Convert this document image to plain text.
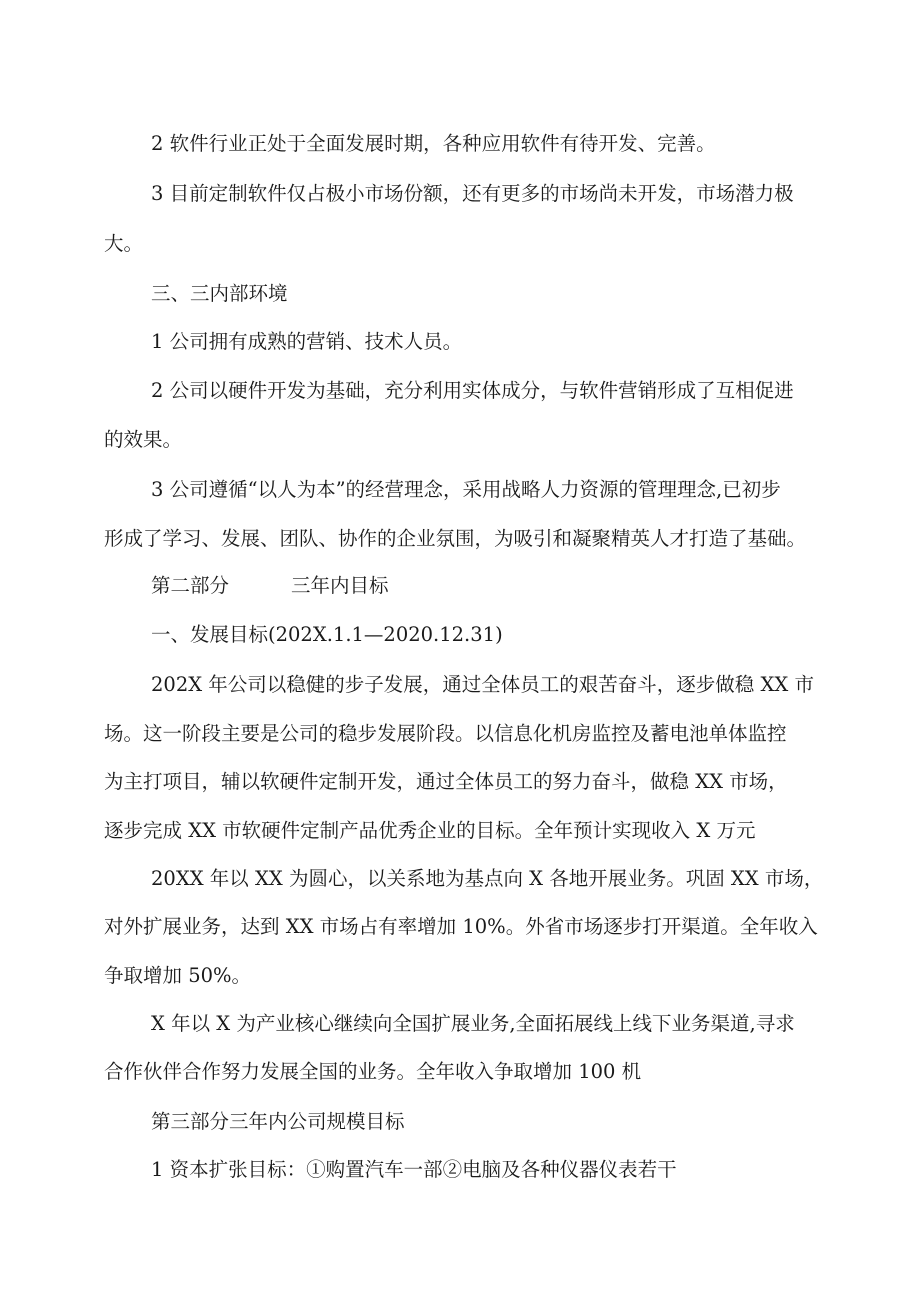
2 软件行业正处于全面发展时期，各种应用软件有待开发、完善。
3 目前定制软件仅占极小市场份额，还有更多的市场尚未开发，市场潜力极
大。
三、三内部环境
1 公司拥有成熟的营销、技术人员。
2 公司以硬件开发为基础，充分利用实体成分，与软件营销形成了互相促进
的效果。
3 公司遵循“以人为本”的经营理念，采用战略人力资源的管理理念,已初步
形成了学习、发展、团队、协作的企业氛围，为吸引和凝聚精英人才打造了基础。
第二部分	三年内目标
一、发展目标(202X.1.1—2020.12.31)
202X 年公司以稳健的步子发展，通过全体员工的艰苦奋斗，逐步做稳 XX 市
场。这一阶段主要是公司的稳步发展阶段。以信息化机房监控及蓄电池单体监控
为主打项目，辅以软硬件定制开发，通过全体员工的努力奋斗，做稳 XX 市场，
逐步完成 XX 市软硬件定制产品优秀企业的目标。全年预计实现收入 X 万元
20XX 年以 XX 为圆心，以关系地为基点向 X 各地开展业务。巩固 XX 市场，
对外扩展业务，达到 XX 市场占有率增加 10%。外省市场逐步打开渠道。全年收入
争取增加 50%。
X 年以 X 为产业核心继续向全国扩展业务,全面拓展线上线下业务渠道,寻求
合作伙伴合作努力发展全国的业务。全年收入争取增加 100 机
第三部分三年内公司规模目标
1 资本扩张目标：①购置汽车一部②电脑及各种仪器仪表若干
